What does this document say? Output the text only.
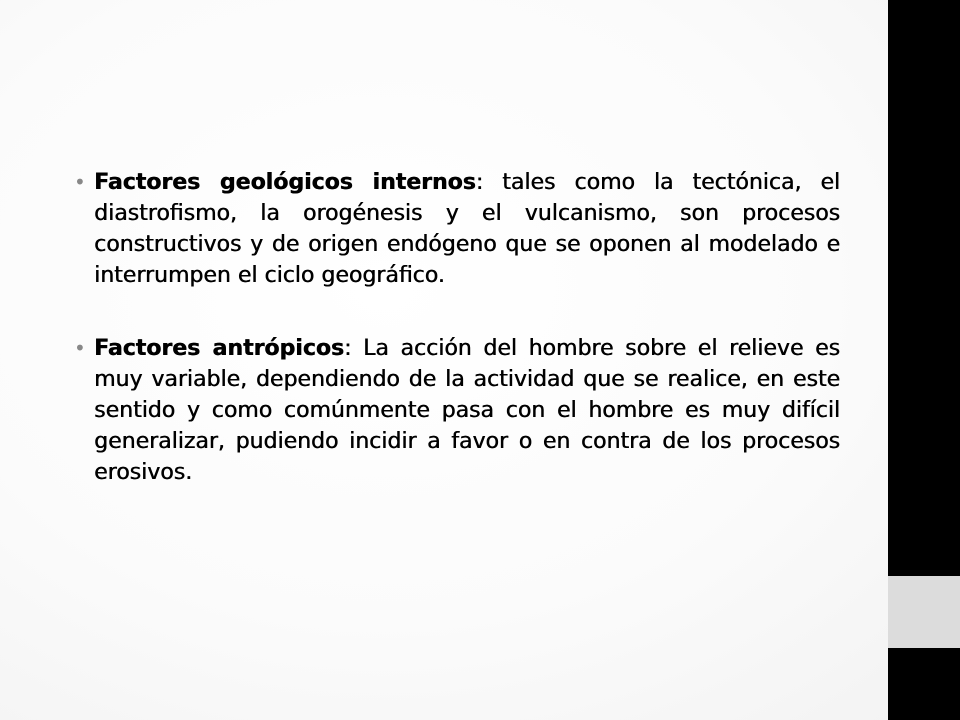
• Factores geológicos internos: tales como la tectónica, el diastrofismo, la orogénesis y el vulcanismo, son procesos constructivos y de origen endógeno que se oponen al modelado e interrumpen el ciclo geográfico.

• Factores antrópicos: La acción del hombre sobre el relieve es muy variable, dependiendo de la actividad que se realice, en este sentido y como comúnmente pasa con el hombre es muy difícil generalizar, pudiendo incidir a favor o en contra de los procesos erosivos.
